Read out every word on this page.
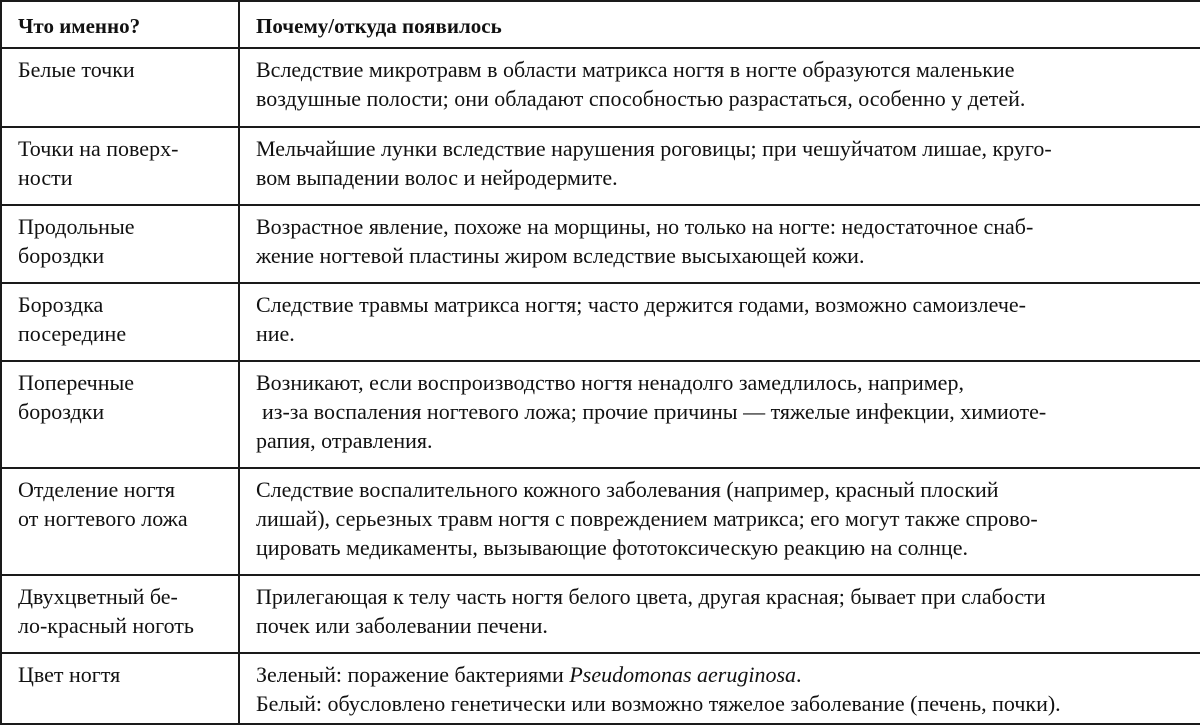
Что именно?	Почему/откуда появилось

Белые точки	Вследствие микротравм в области матрикса ногтя в ногте образуются маленькие
воздушные полости; они обладают способностью разрастаться, особенно у детей.

Точки на поверх-
ности	Мельчайшие лунки вследствие нарушения роговицы; при чешуйчатом лишае, круго-
вом выпадении волос и нейродермите.

Продольные
бороздки	Возрастное явление, похоже на морщины, но только на ногте: недостаточное снаб-
жение ногтевой пластины жиром вследствие высыхающей кожи.

Бороздка
посередине	Следствие травмы матрикса ногтя; часто держится годами, возможно самоизлече-
ние.

Поперечные
бороздки	Возникают, если воспроизводство ногтя ненадолго замедлилось, например,
из-за воспаления ногтевого ложа; прочие причины — тяжелые инфекции, химиоте-
рапия, отравления.

Отделение ногтя
от ногтевого ложа	Следствие воспалительного кожного заболевания (например, красный плоский
лишай), серьезных травм ногтя с повреждением матрикса; его могут также спрово-
цировать медикаменты, вызывающие фототоксическую реакцию на солнце.

Двухцветный бе-
ло-красный ноготь	Прилегающая к телу часть ногтя белого цвета, другая красная; бывает при слабости
почек или заболевании печени.

Цвет ногтя	Зеленый: поражение бактериями Pseudomonas aeruginosa.
Белый: обусловлено генетически или возможно тяжелое заболевание (печень, почки).
